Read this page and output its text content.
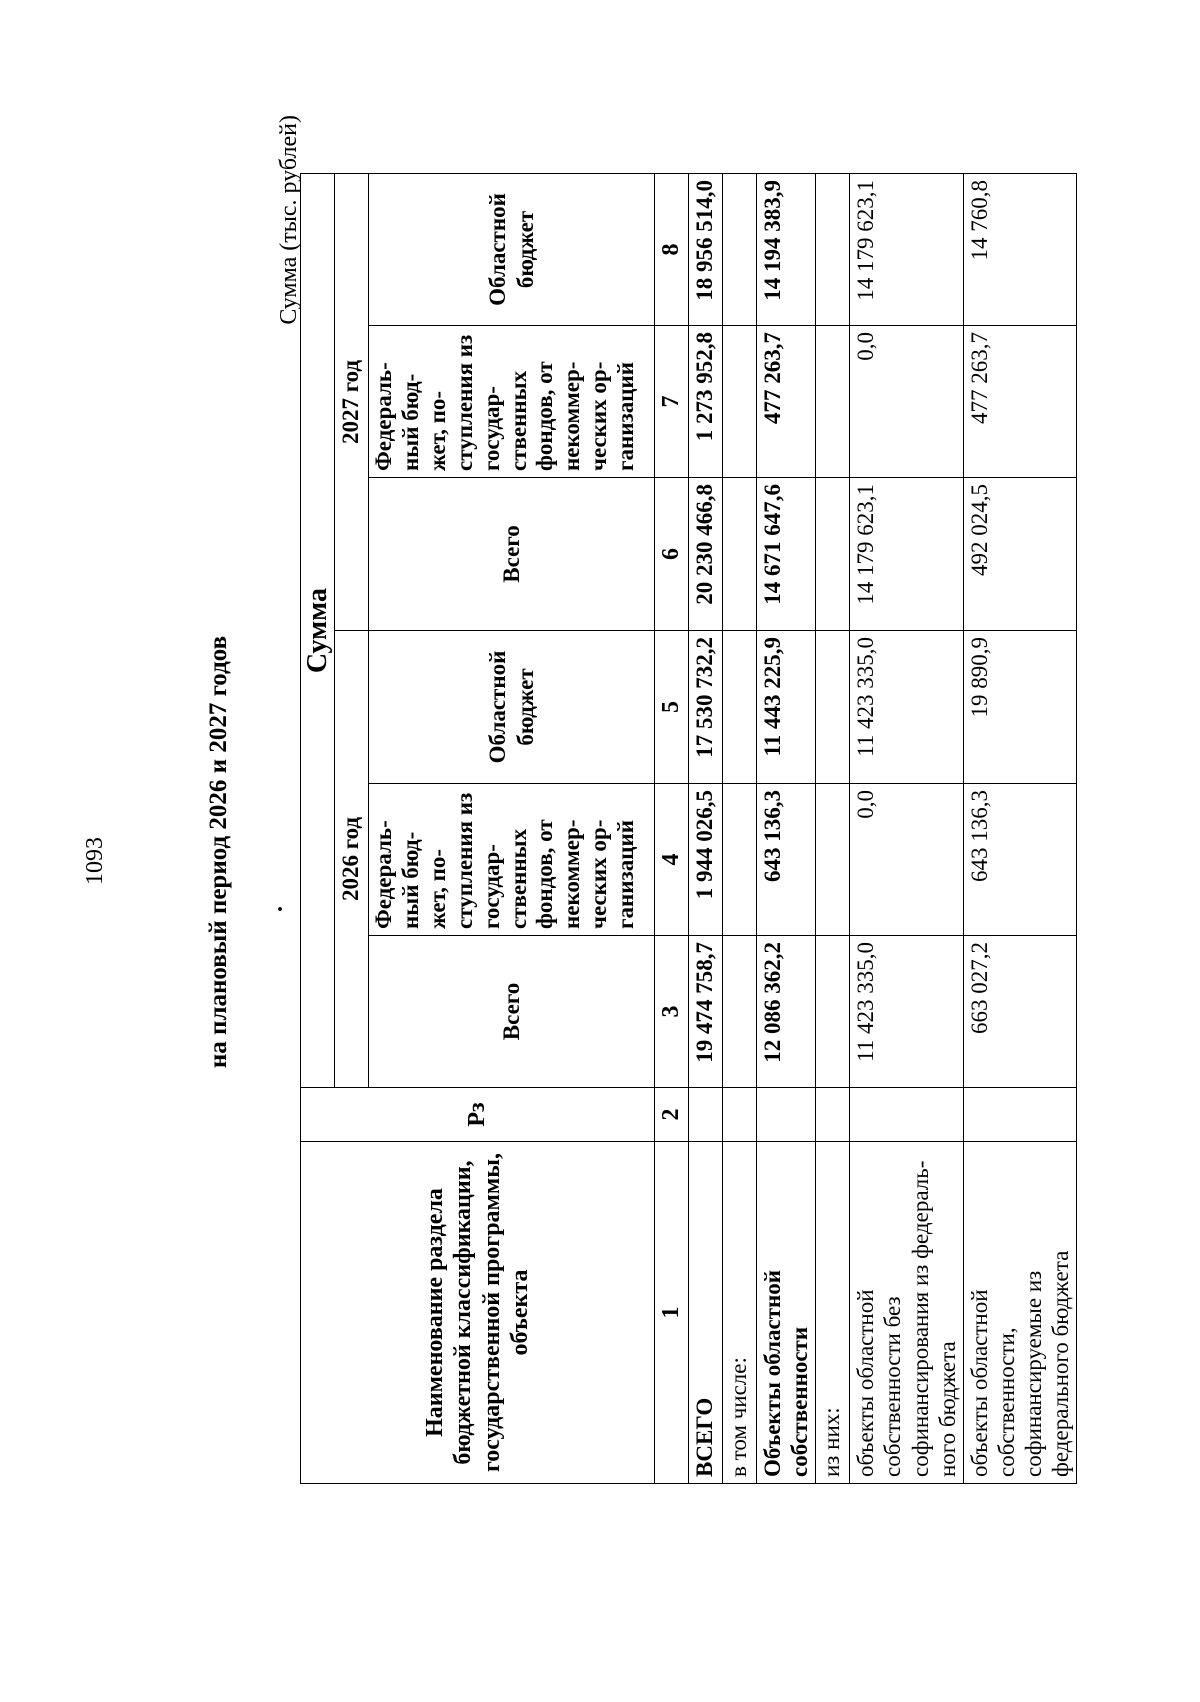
1093	на плановый период 2026 и 2027 годов .
Сумма (тыс. рублей)
Наименование раздела бюджетной классификации, государственной программы, объекта	Рз	Сумма					
		2026 год			2027 год		
		Всего	Федераль-ный бюд-жет, по-ступления из государ-ственных фондов, от некоммер-ческих ор-ганизаций	Областной бюджет	Всего	Федераль-ный бюд-жет, по-ступления из государ-ственных фондов, от некоммер-ческих ор-ганизаций	Областной бюджет
1	2	3	4	5	6	7	8
ВСЕГО		19 474 758,7	1 944 026,5	17 530 732,2	20 230 466,8	1 273 952,8	18 956 514,0
в том числе:							
Объекты областной собственности		12 086 362,2	643 136,3	11 443 225,9	14 671 647,6	477 263,7	14 194 383,9
из них:							
объекты областной собственности без софинансирования из федераль-ного бюджета		11 423 335,0	0,0	11 423 335,0	14 179 623,1	0,0	14 179 623,1
объекты областной собственности, софинансируемые из федерального бюджета		663 027,2	643 136,3	19 890,9	492 024,5	477 263,7	14 760,8
